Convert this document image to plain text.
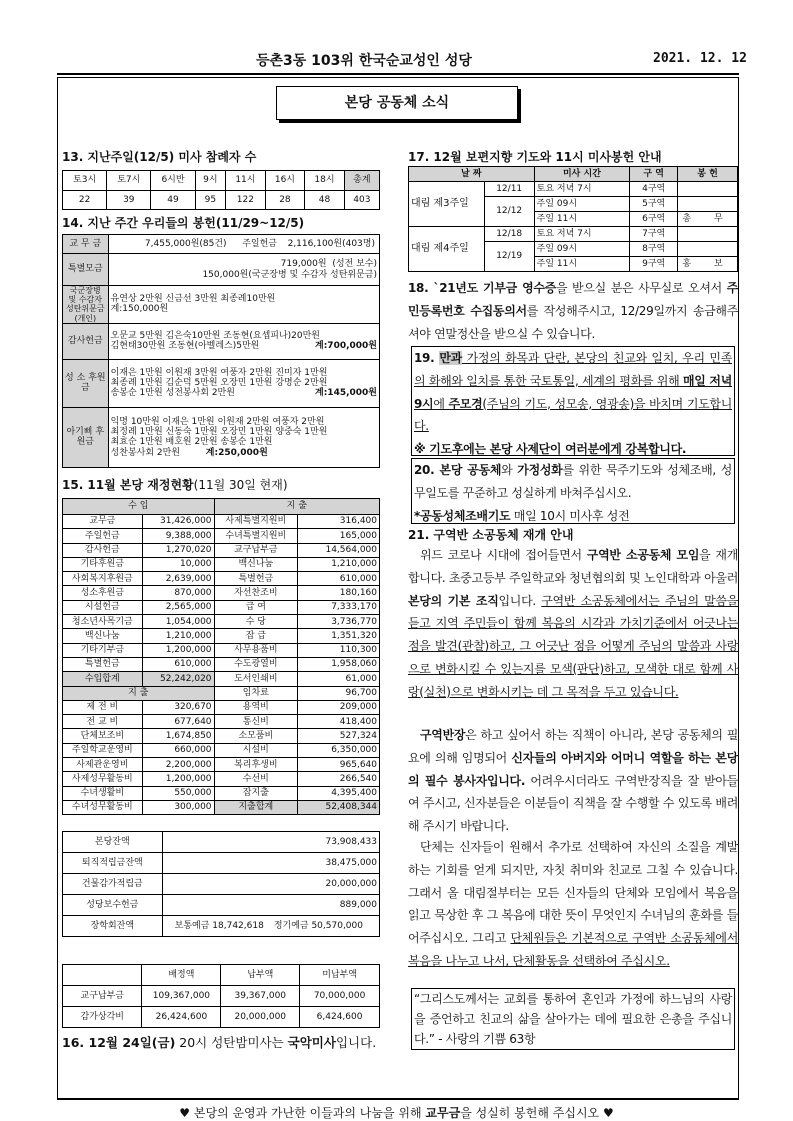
등촌3동 103위 한국순교성인 성당	2021. 12. 12
본당 공동체 소식
13. 지난주일(12/5) 미사 참례자 수
토3시	토7시	6시반	9시	11시	16시	18시	총계
22	39	49	95	122	28	48	403
14. 지난 주간 우리들의 봉헌(11/29~12/5)
교 무 금	7,455,000원(85건) 주일헌금 2,116,100원(403명)

특별모금	719,000원 (성전 보수)
150,000원(국군장병 및 수감자 성탄위문금)

국군장병 및 수감자 성탄위문금 (개인)	유연상 2만원 신금선 3만원 최종례10만원
계:150,000원

감사헌금	오문교 5만원 김은숙10만원 조동현(요셉피나)20만원
김현태30만원 조동현(아벨레스)5만원 계:700,000원

성 소 후원금	이재은 1만원 이원재 3만원 여풍자 2만원 진미자 1만원
최종례 1만원 김순덕 5만원 오장민 1만원 강명순 2만원
송봉순 1만원 성전봉사회 2만원 계:145,000원

아기삐 후원금	익명 10만원 이재은 1만원 이원재 2만원 여풍자 2만원
최정례 1만원 신동숙 1만원 오장민 1만원 양중숙 1만원
최효순 1만원 배호원 2만원 송봉순 1만원
성찬봉사회 2만원 계:250,000원
15. 11월 본당 재정현황(11월 30일 현재)
수 입		지 출	
교무금	31,426,000	사제특별지원비	316,400
주일헌금	9,388,000	수녀특별지원비	165,000
감사헌금	1,270,020	교구납부금	14,564,000
기타후원금	10,000	백신나눔	1,210,000
사회복지후원금	2,639,000	특별헌금	610,000
성소후원금	870,000	자선찬조비	180,160
시설헌금	2,565,000	급 여	7,333,170
청소년사목기금	1,054,000	수 당	3,736,770
백신나눔	1,210,000	잡 급	1,351,320
기타기부금	1,200,000	사무용품비	110,300
특별헌금	610,000	수도광열비	1,958,060
수입합계	52,242,020	도서인쇄비	61,000
지 출		임차료	96,700
제 전 비	320,670	용역비	209,000
전 교 비	677,640	통신비	418,400
단체보조비	1,674,850	소모품비	527,324
주일학교운영비	660,000	시설비	6,350,000
사제관운영비	2,200,000	복리후생비	965,640
사제성무활동비	1,200,000	수선비	266,540
수녀생활비	550,000	잡지출	4,395,400
수녀성무활동비	300,000	지출합계	52,408,344
본당잔액	73,908,433
퇴직적립금잔액	38,475,000
건물감가적립금	20,000,000
성당보수헌금	889,000
장학회잔액	보통예금 18,742,618 정기예금 50,570,000
	배정액	납부액	미납부액
교구납부금	109,367,000	39,367,000	70,000,000
감가상각비	26,424,600	20,000,000	6,424,600
16. 12월 24일(금) 20시 성탄밤미사는 국악미사입니다.
17. 12월 보편지향 기도와 11시 미사봉헌 안내
날 짜		미사 시간	구 역	봉 헌
대림 제3주일	12/11	토요 저녁 7시	4구역	
	12/12	주일 09시	5구역	
		주일 11시	6구역	총 무
대림 제4주일	12/18	토요 저녁 7시	7구역	
	12/19	주일 09시	8구역	
		주일 11시	9구역	홍 보
18. `21년도 기부금 영수증을 받으실 분은 사무실로 오셔서 주민등록번호 수집동의서를 작성해주시고, 12/29일까지 송금해주셔야 연말정산을 받으실 수 있습니다.
19. 만과 가정의 화목과 단란, 본당의 친교와 일치, 우리 민족의 화해와 일치를 통한 국토통일, 세계의 평화를 위해 매일 저녁 9시에 주모경(주님의 기도, 성모송, 영광송)을 바치며 기도합니다.
※ 기도후에는 본당 사제단이 여러분에게 강복합니다.
20. 본당 공동체와 가정성화를 위한 묵주기도와 성체조배, 성무일도를 꾸준하고 성실하게 바쳐주십시오.
*공동성체조배기도 매일 10시 미사후 성전
21. 구역반 소공동체 재개 안내
위드 코로나 시대에 접어들면서 구역반 소공동체 모임을 재개합니다. 초중고등부 주일학교와 청년협의회 및 노인대학과 아울러 본당의 기본 조직입니다. 구역반 소공동체에서는 주님의 말씀을 듣고 지역 주민들이 함께 복음의 시각과 가치기준에서 어긋나는 점을 발견(관찰)하고, 그 어긋난 점을 어떻게 주님의 말씀과 사랑으로 변화시킬 수 있는지를 모색(판단)하고, 모색한 대로 함께 사랑(실천)으로 변화시키는 데 그 목적을 두고 있습니다.
구역반장은 하고 싶어서 하는 직책이 아니라, 본당 공동체의 필요에 의해 임명되어 신자들의 아버지와 어머니 역할을 하는 본당의 필수 봉사자입니다. 어려우시더라도 구역반장직을 잘 받아들여 주시고, 신자분들은 이분들이 직책을 잘 수행할 수 있도록 배려해 주시기 바랍니다.
단체는 신자들이 원해서 추가로 선택하여 자신의 소질을 계발하는 기회를 얻게 되지만, 자칫 취미와 친교로 그칠 수 있습니다. 그래서 올 대림절부터는 모든 신자들의 단체와 모임에서 복음을 읽고 묵상한 후 그 복음에 대한 뜻이 무엇인지 수녀님의 훈화를 들어주십시오. 그리고 단체원들은 기본적으로 구역반 소공동체에서 복음을 나누고 나서, 단체활동을 선택하여 주십시오.
“그리스도께서는 교회를 통하여 혼인과 가정에 하느님의 사랑을 증언하고 친교의 삶을 살아가는 데에 필요한 은총을 주십니다.” - 사랑의 기쁨 63항
♥ 본당의 운영과 가난한 이들과의 나눔을 위해 교무금을 성실히 봉헌해 주십시오 ♥
